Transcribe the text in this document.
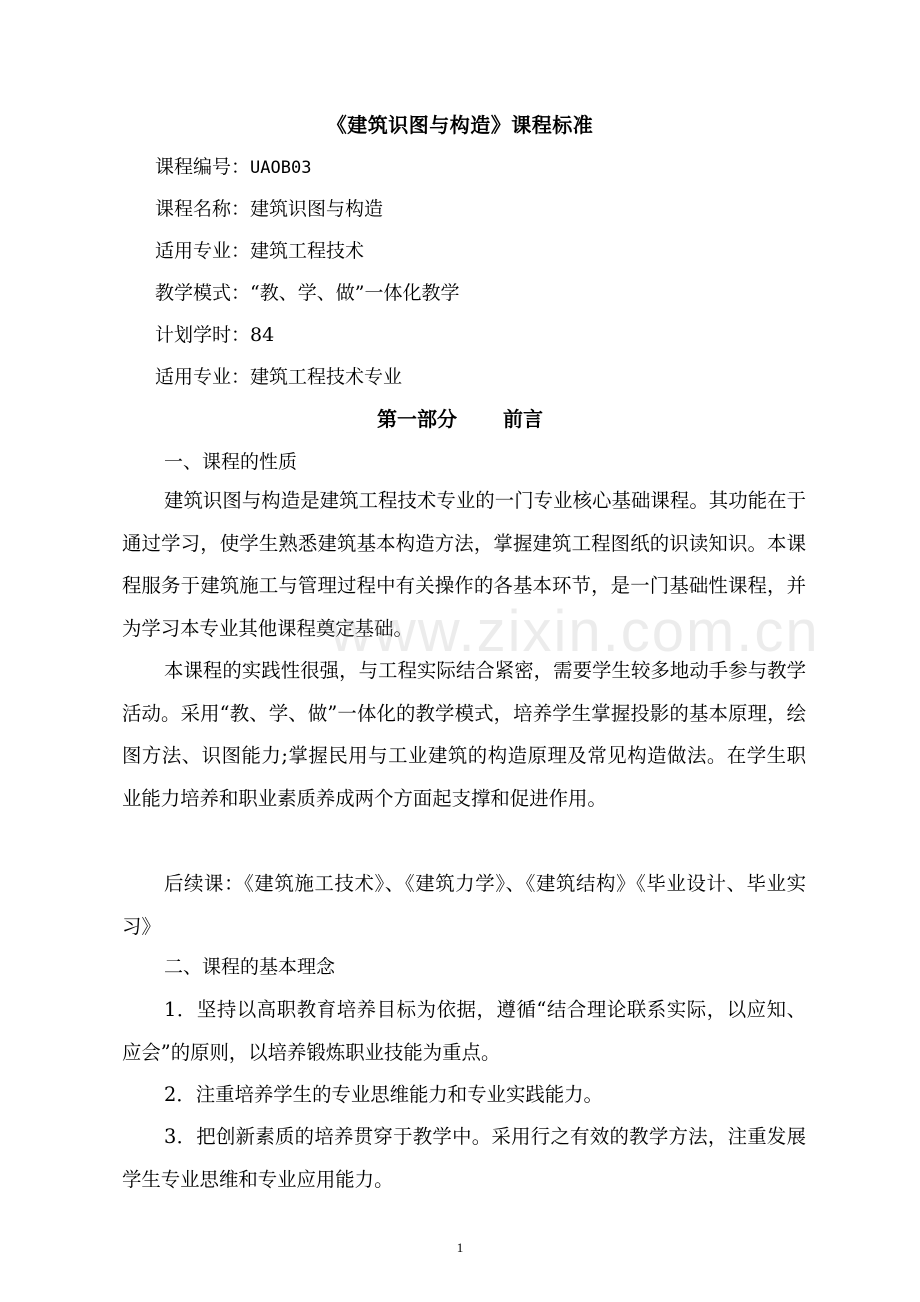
《建筑识图与构造》课程标准
课程编号：UAOB03
课程名称：建筑识图与构造
适用专业：建筑工程技术
教学模式：“教、学、做”一体化教学
计划学时：84
适用专业：建筑工程技术专业
第一部分 前言
一、课程的性质

建筑识图与构造是建筑工程技术专业的一门专业核心基础课程。其功能在于通过学习，使学生熟悉建筑基本构造方法，掌握建筑工程图纸的识读知识。本课程服务于建筑施工与管理过程中有关操作的各基本环节，是一门基础性课程，并为学习本专业其他课程奠定基础。

本课程的实践性很强，与工程实际结合紧密，需要学生较多地动手参与教学活动。采用“教、学、做”一体化的教学模式，培养学生掌握投影的基本原理，绘图方法、识图能力;掌握民用与工业建筑的构造原理及常见构造做法。在学生职业能力培养和职业素质养成两个方面起支撑和促进作用。

后续课：《建筑施工技术》、《建筑力学》、《建筑结构》《毕业设计、毕业实习》

二、课程的基本理念

1．坚持以高职教育培养目标为依据，遵循“结合理论联系实际，以应知、应会”的原则，以培养锻炼职业技能为重点。

2．注重培养学生的专业思维能力和专业实践能力。

3．把创新素质的培养贯穿于教学中。采用行之有效的教学方法，注重发展学生专业思维和专业应用能力。

www.zixin.com.cn
1
